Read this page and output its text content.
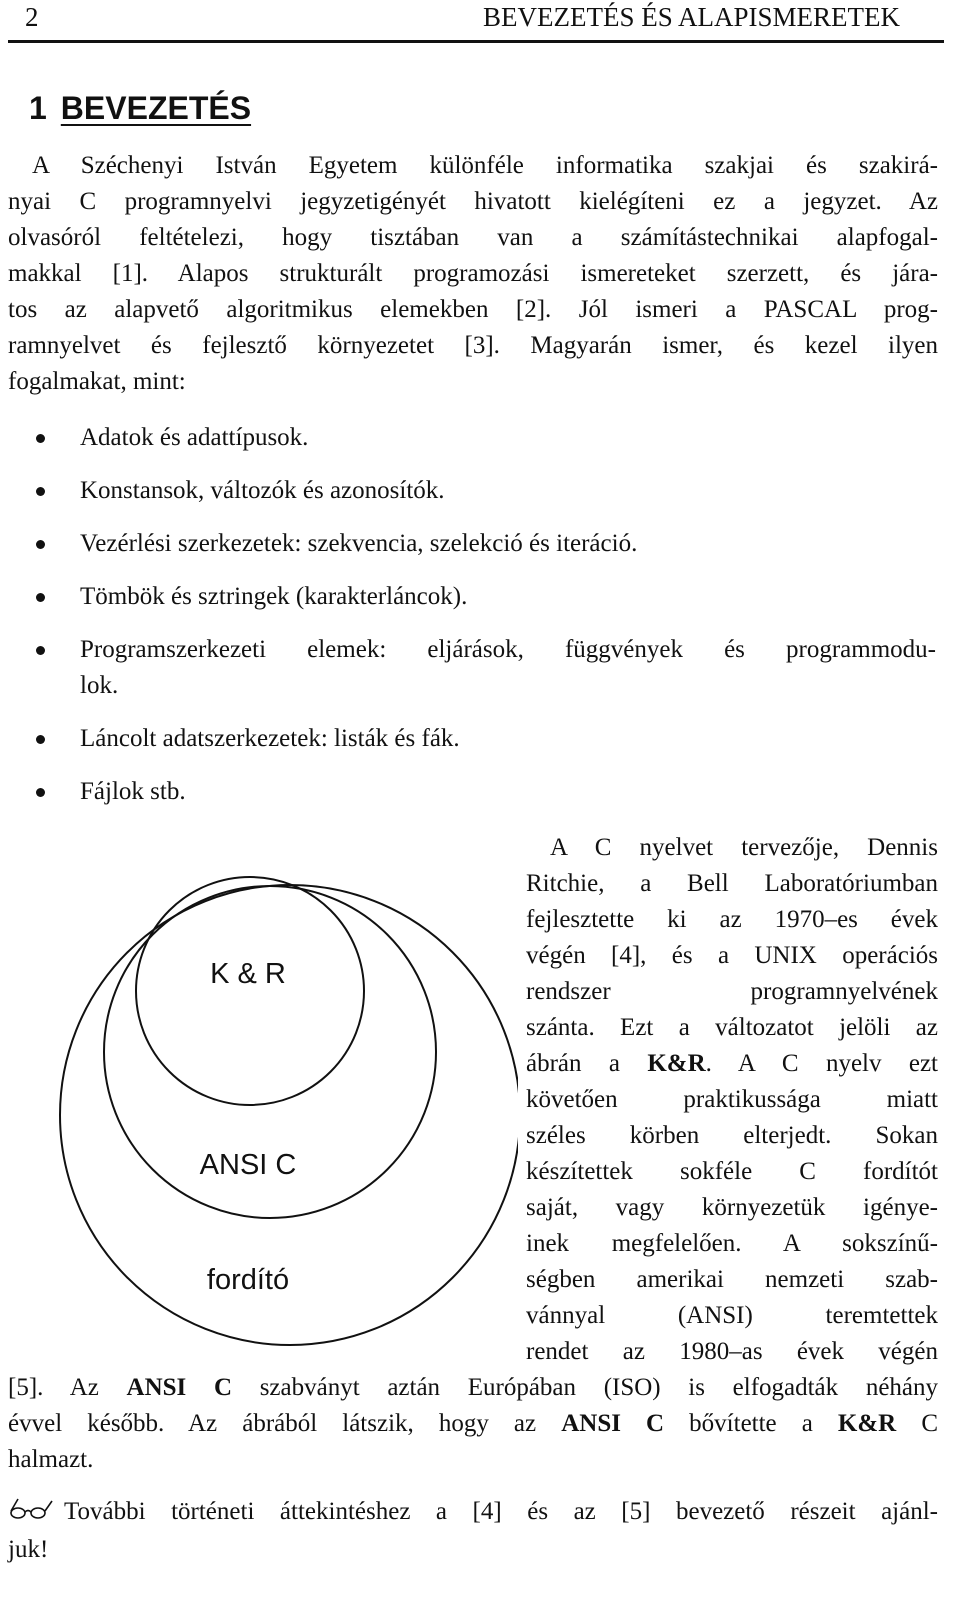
2	BEVEZETÉS ÉS ALAPISMERETEK
1 BEVEZETÉS
A Széchenyi István Egyetem különféle informatika szakjai és szakirá-
nyai C programnyelvi jegyzetigényét hivatott kielégíteni ez a jegyzet. Az
olvasóról feltételezi, hogy tisztában van a számítástechnikai alapfogal-
makkal [1]. Alapos strukturált programozási ismereteket szerzett, és jára-
tos az alapvető algoritmikus elemekben [2]. Jól ismeri a PASCAL prog-
ramnyelvet és fejlesztő környezetet [3]. Magyarán ismer, és kezel ilyen
fogalmakat, mint:
Adatok és adattípusok.
Konstansok, változók és azonosítók.
Vezérlési szerkezetek: szekvencia, szelekció és iteráció.
Tömbök és sztringek (karakterláncok).
Programszerkezeti elemek: eljárások, függvények és programmodu-
lok.
Láncolt adatszerkezetek: listák és fák.
Fájlok stb.
K & R
ANSI C
fordító
A C nyelvet tervezője, Dennis
Ritchie, a Bell Laboratóriumban
fejlesztette ki az 1970–es évek
végén [4], és a UNIX operációs
rendszer programnyelvének
szánta. Ezt a változatot jelöli az
ábrán a K&R. A C nyelv ezt
követően praktikussága miatt
széles körben elterjedt. Sokan
készítettek sokféle C fordítót
saját, vagy környezetük igénye-
inek megfelelően. A sokszínű-
ségben amerikai nemzeti szab-
vánnyal (ANSI) teremtettek
rendet az 1980–as évek végén
[5]. Az ANSI C szabványt aztán Európában (ISO) is elfogadták néhány
évvel később. Az ábrából látszik, hogy az ANSI C bővítette a K&R C
halmazt.
További történeti áttekintéshez a [4] és az [5] bevezető részeit ajánl-
juk!
